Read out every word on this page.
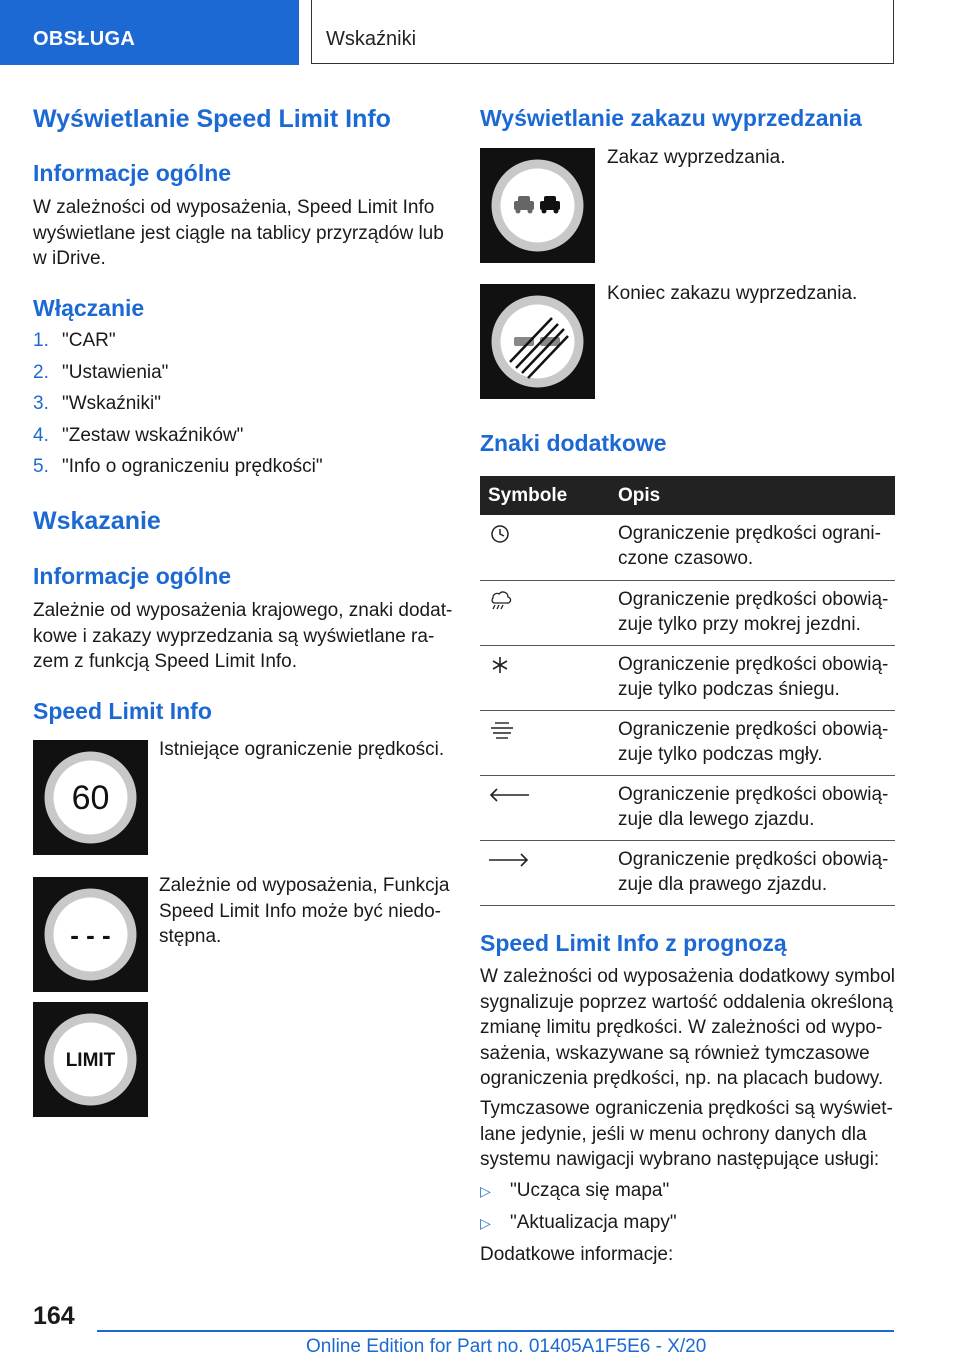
OBSŁUGA	Wskaźniki
Wyświetlanie Speed Limit Info
Informacje ogólne
W zależności od wyposażenia, Speed Limit Info
wyświetlane jest ciągle na tablicy przyrządów lub
w iDrive.
Włączanie
1. "CAR"
2. "Ustawienia"
3. "Wskaźniki"
4. "Zestaw wskaźników"
5. "Info o ograniczeniu prędkości"
Wskazanie
Informacje ogólne
Zależnie od wyposażenia krajowego, znaki dodat-
kowe i zakazy wyprzedzania są wyświetlane ra-
zem z funkcją Speed Limit Info.
Speed Limit Info
60
Istniejące ograniczenie prędkości.
- - -
Zależnie od wyposażenia, Funkcja
Speed Limit Info może być niedo-
stępna.
LIMIT
Wyświetlanie zakazu wyprzedzania
Zakaz wyprzedzania.
Koniec zakazu wyprzedzania.
Znaki dodatkowe
Symbole	Opis

Ograniczenie prędkości ograni-
czone czasowo.

Ograniczenie prędkości obowią-
zuje tylko przy mokrej jezdni.

Ograniczenie prędkości obowią-
zuje tylko podczas śniegu.

Ograniczenie prędkości obowią-
zuje tylko podczas mgły.

Ograniczenie prędkości obowią-
zuje dla lewego zjazdu.

Ograniczenie prędkości obowią-
zuje dla prawego zjazdu.
Speed Limit Info z prognozą
W zależności od wyposażenia dodatkowy symbol
sygnalizuje poprzez wartość oddalenia określoną
zmianę limitu prędkości. W zależności od wypo-
sażenia, wskazywane są również tymczasowe
ograniczenia prędkości, np. na placach budowy.
Tymczasowe ograniczenia prędkości są wyświet-
lane jedynie, jeśli w menu ochrony danych dla
systemu nawigacji wybrano następujące usługi:
▷ "Ucząca się mapa"
▷ "Aktualizacja mapy"
Dodatkowe informacje:
164
Online Edition for Part no. 01405A1F5E6 - X/20
